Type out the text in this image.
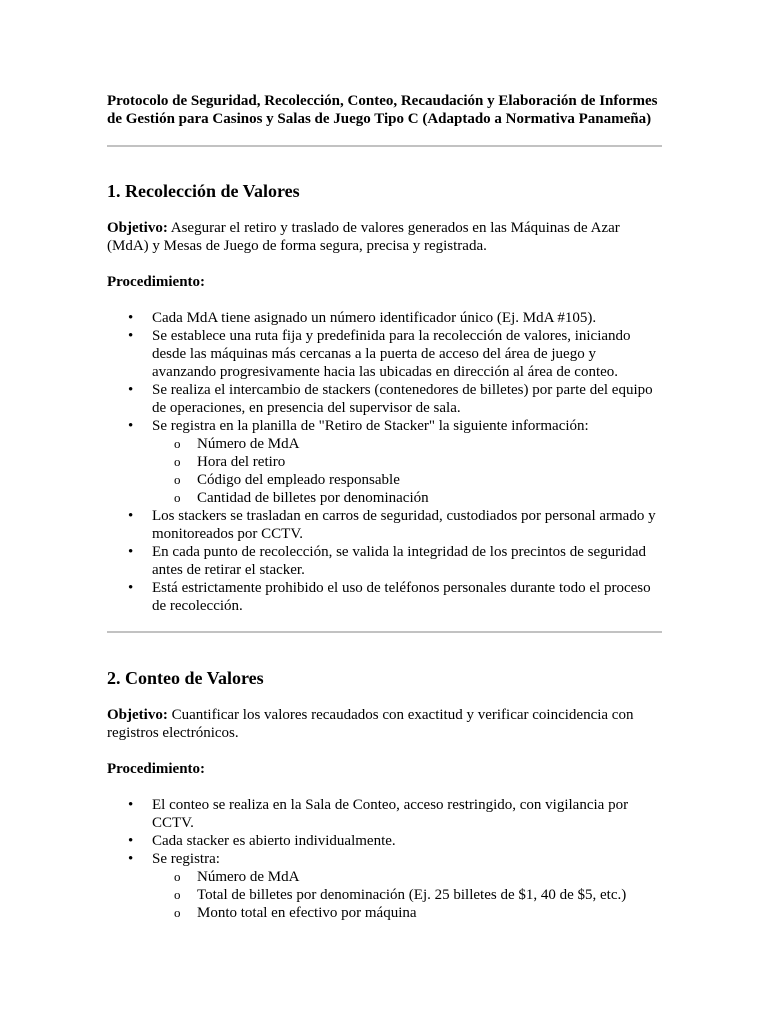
Protocolo de Seguridad, Recolección, Conteo, Recaudación y Elaboración de Informes de Gestión para Casinos y Salas de Juego Tipo C (Adaptado a Normativa Panameña)

1. Recolección de Valores

Objetivo: Asegurar el retiro y traslado de valores generados en las Máquinas de Azar (MdA) y Mesas de Juego de forma segura, precisa y registrada.

Procedimiento:

• Cada MdA tiene asignado un número identificador único (Ej. MdA #105).
• Se establece una ruta fija y predefinida para la recolección de valores, iniciando desde las máquinas más cercanas a la puerta de acceso del área de juego y avanzando progresivamente hacia las ubicadas en dirección al área de conteo.
• Se realiza el intercambio de stackers (contenedores de billetes) por parte del equipo de operaciones, en presencia del supervisor de sala.
• Se registra en la planilla de "Retiro de Stacker" la siguiente información:
o Número de MdA
o Hora del retiro
o Código del empleado responsable
o Cantidad de billetes por denominación
• Los stackers se trasladan en carros de seguridad, custodiados por personal armado y monitoreados por CCTV.
• En cada punto de recolección, se valida la integridad de los precintos de seguridad antes de retirar el stacker.
• Está estrictamente prohibido el uso de teléfonos personales durante todo el proceso de recolección.
2. Conteo de Valores

Objetivo: Cuantificar los valores recaudados con exactitud y verificar coincidencia con registros electrónicos.

Procedimiento:

• El conteo se realiza en la Sala de Conteo, acceso restringido, con vigilancia por CCTV.
• Cada stacker es abierto individualmente.
• Se registra:
o Número de MdA
o Total de billetes por denominación (Ej. 25 billetes de $1, 40 de $5, etc.)
o Monto total en efectivo por máquina
